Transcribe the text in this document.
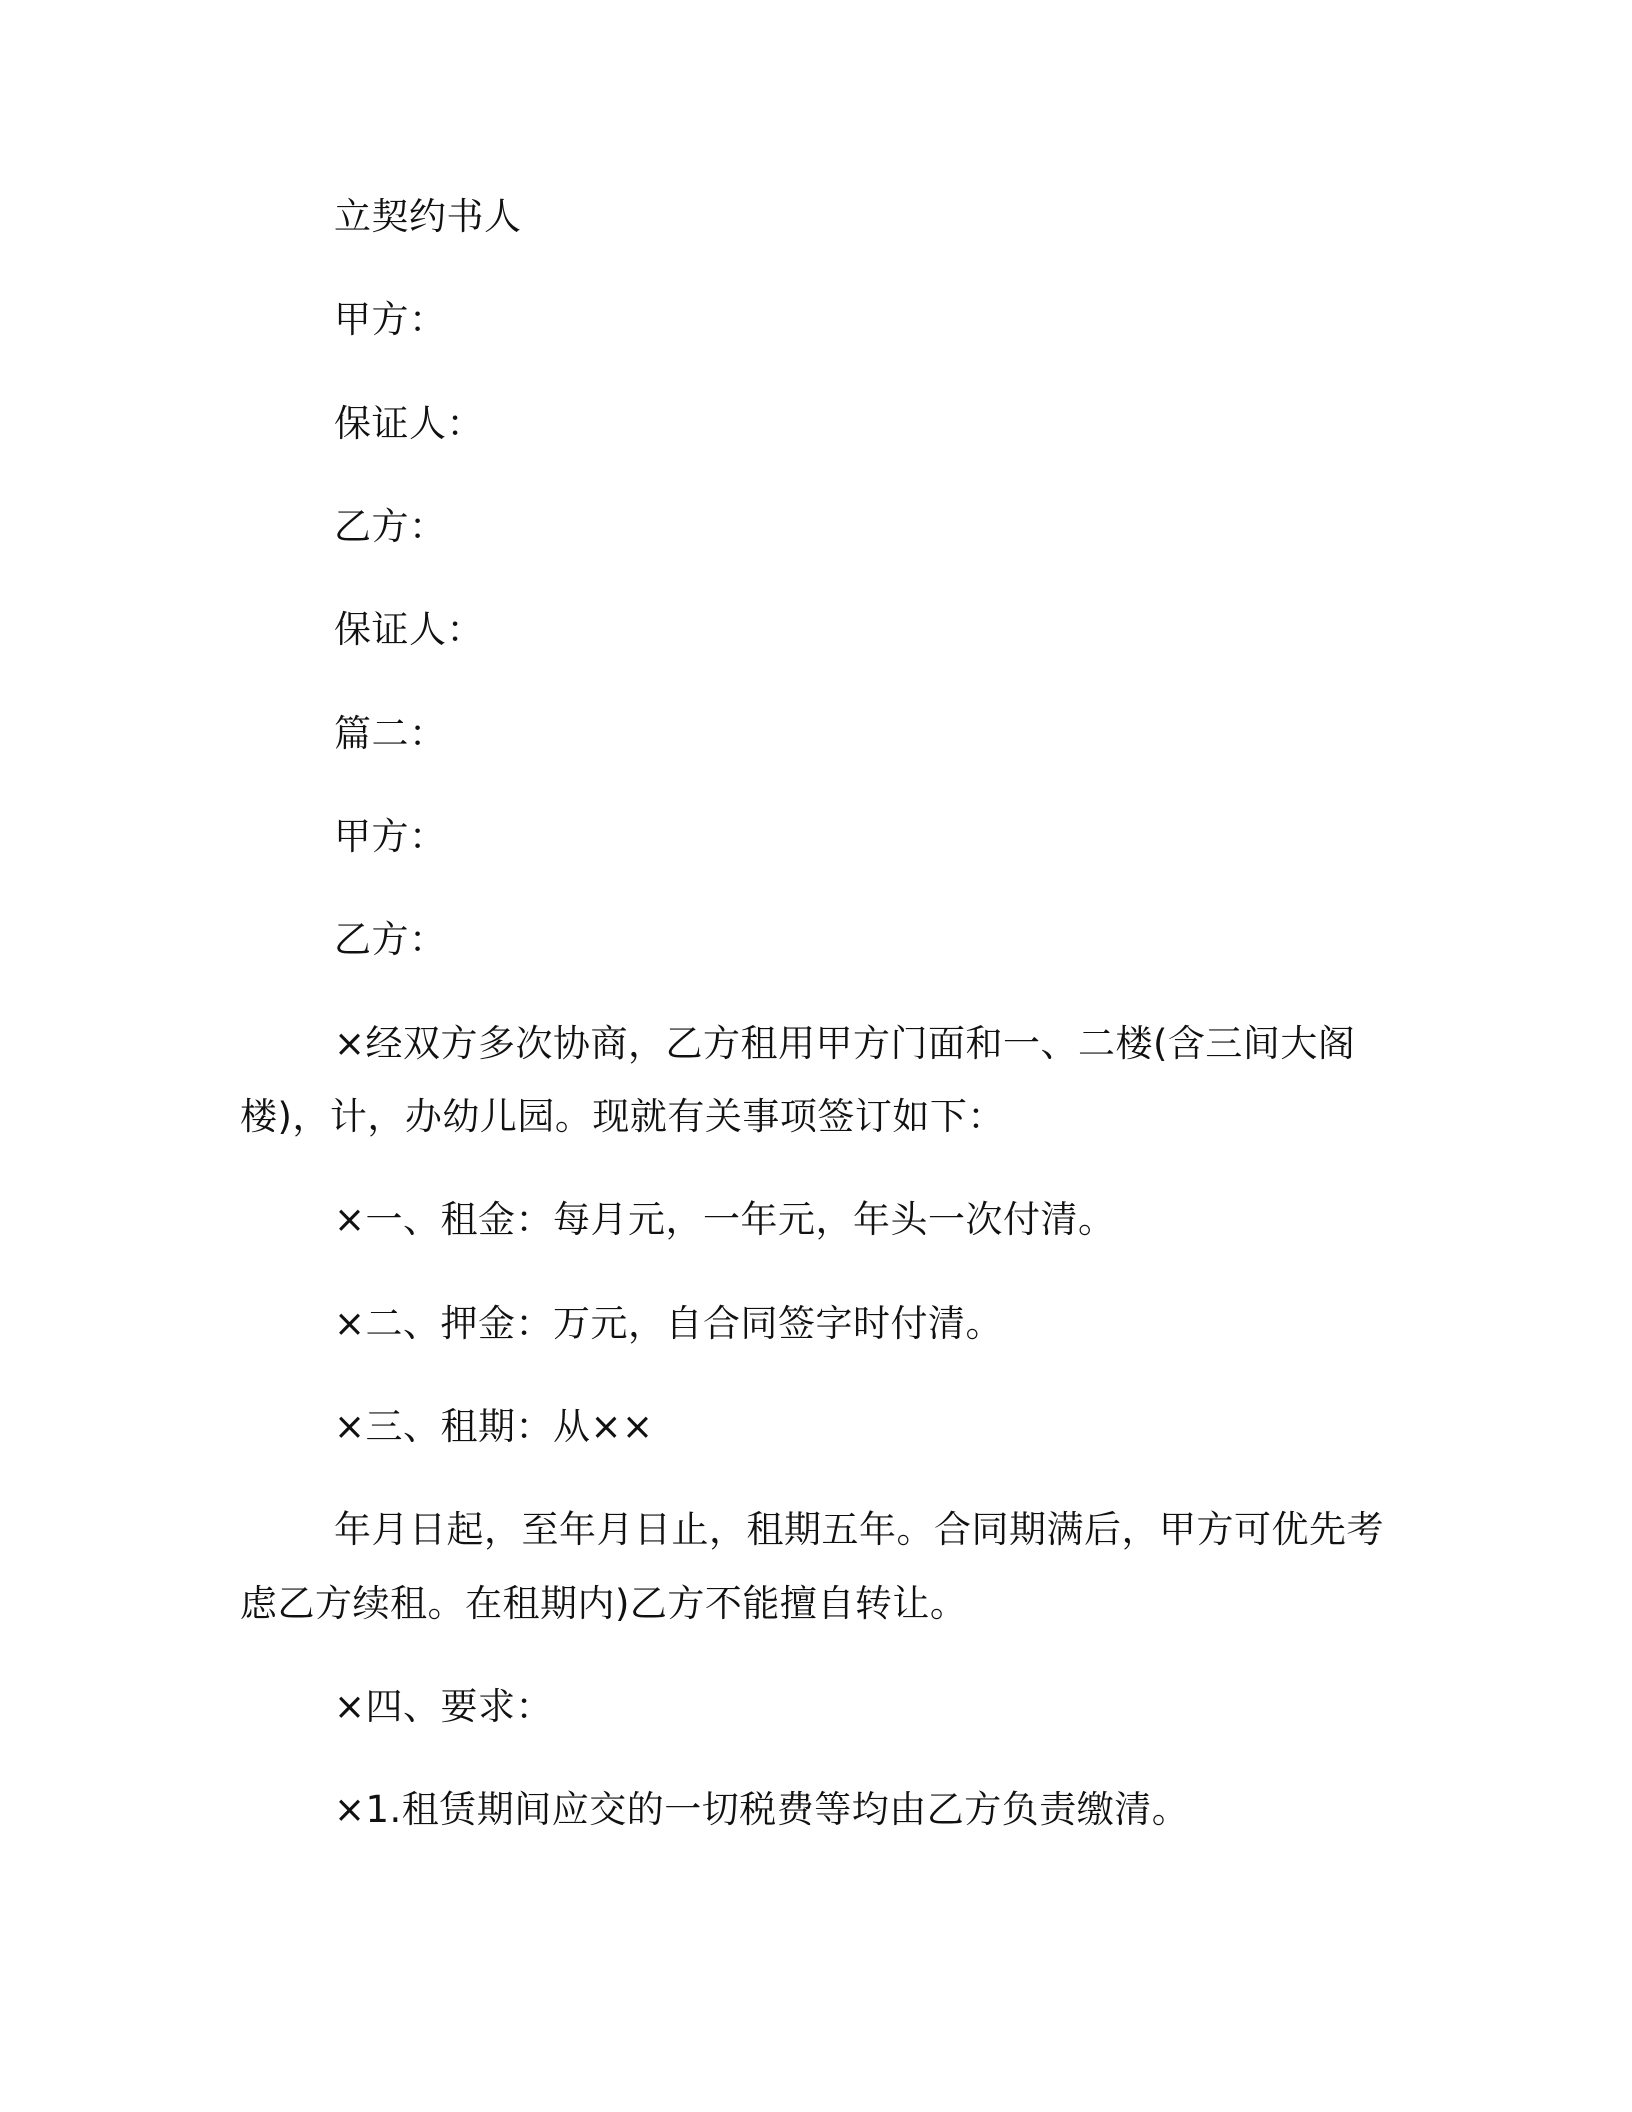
立契约书人

甲方：

保证人：

乙方：

保证人：

篇二：

甲方：

乙方：

×经双方多次协商，乙方租用甲方门面和一、二楼(含三间大阁

楼)，计，办幼儿园。现就有关事项签订如下：

×一、租金：每月元，一年元，年头一次付清。

×二、押金：万元，自合同签字时付清。

×三、租期：从××

年月日起，至年月日止，租期五年。合同期满后，甲方可优先考

虑乙方续租。在租期内)乙方不能擅自转让。

×四、要求：

×1.租赁期间应交的一切税费等均由乙方负责缴清。
